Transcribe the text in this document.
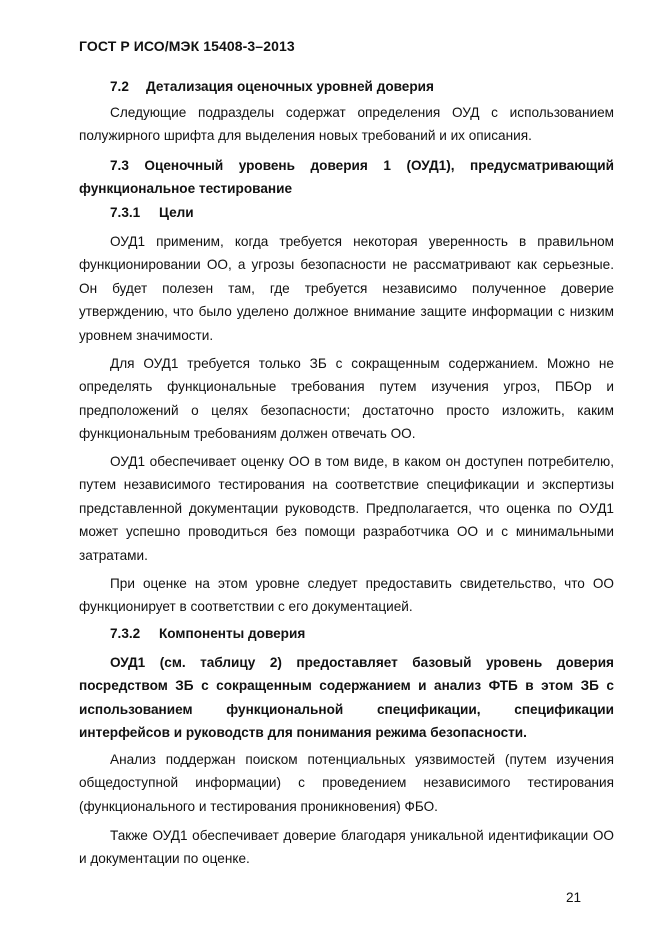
ГОСТ Р ИСО/МЭК 15408-3–2013
7.2 Детализация оценочных уровней доверия
Следующие подразделы содержат определения ОУД с использованием полужирного шрифта для выделения новых требований и их описания.
7.3 Оценочный уровень доверия 1 (ОУД1), предусматривающий функциональное тестирование
7.3.1 Цели
ОУД1 применим, когда требуется некоторая уверенность в правильном функционировании ОО, а угрозы безопасности не рассматривают как серьезные. Он будет полезен там, где требуется независимо полученное доверие утверждению, что было уделено должное внимание защите информации с низким уровнем значимости.
Для ОУД1 требуется только ЗБ с сокращенным содержанием. Можно не определять функциональные требования путем изучения угроз, ПБОр и предположений о целях безопасности; достаточно просто изложить, каким функциональным требованиям должен отвечать ОО.
ОУД1 обеспечивает оценку ОО в том виде, в каком он доступен потребителю, путем независимого тестирования на соответствие спецификации и экспертизы представленной документации руководств. Предполагается, что оценка по ОУД1 может успешно проводиться без помощи разработчика ОО и с минимальными затратами.
При оценке на этом уровне следует предоставить свидетельство, что ОО функционирует в соответствии с его документацией.
7.3.2 Компоненты доверия
ОУД1 (см. таблицу 2) предоставляет базовый уровень доверия посредством ЗБ с сокращенным содержанием и анализ ФТБ в этом ЗБ с использованием функциональной спецификации, спецификации интерфейсов и руководств для понимания режима безопасности.
Анализ поддержан поиском потенциальных уязвимостей (путем изучения общедоступной информации) с проведением независимого тестирования (функционального и тестирования проникновения) ФБО.
Также ОУД1 обеспечивает доверие благодаря уникальной идентификации ОО и документации по оценке.
21
